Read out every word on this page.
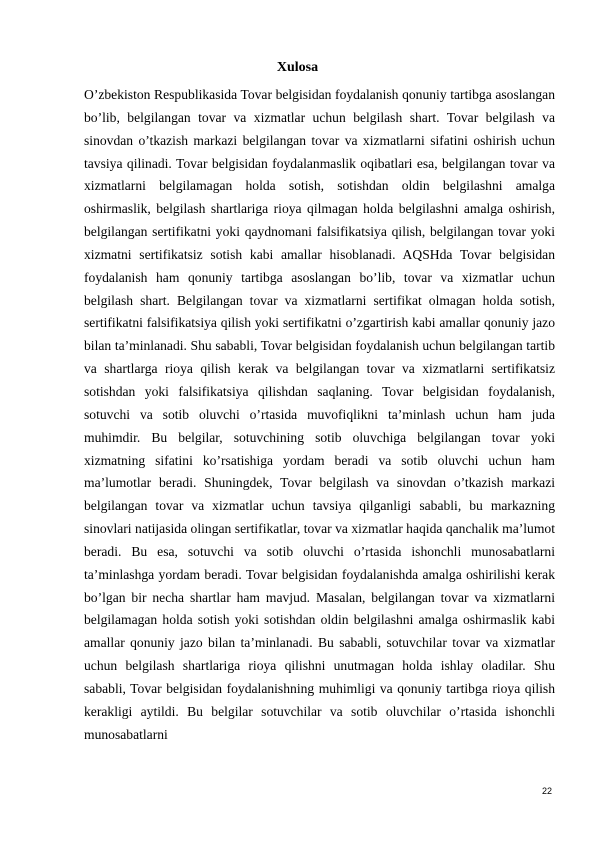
Xulosa

O’zbekiston Respublikasida Tovar belgisidan foydalanish qonuniy tartibga asoslangan bo’lib, belgilangan tovar va xizmatlar uchun belgilash shart. Tovar belgilash va sinovdan o’tkazish markazi belgilangan tovar va xizmatlarni sifatini oshirish uchun tavsiya qilinadi. Tovar belgisidan foydalanmaslik oqibatlari esa, belgilangan tovar va xizmatlarni belgilamagan holda sotish, sotishdan oldin belgilashni amalga oshirmaslik, belgilash shartlariga rioya qilmagan holda belgilashni amalga oshirish, belgilangan sertifikatni yoki qaydnomani falsifikatsiya qilish, belgilangan tovar yoki xizmatni sertifikatsiz sotish kabi amallar hisoblanadi. AQSHda Tovar belgisidan foydalanish ham qonuniy tartibga asoslangan bo’lib, tovar va xizmatlar uchun belgilash shart. Belgilangan tovar va xizmatlarni sertifikat olmagan holda sotish, sertifikatni falsifikatsiya qilish yoki sertifikatni o’zgartirish kabi amallar qonuniy jazo bilan ta’minlanadi. Shu sababli, Tovar belgisidan foydalanish uchun belgilangan tartib va shartlarga rioya qilish kerak va belgilangan tovar va xizmatlarni sertifikatsiz sotishdan yoki falsifikatsiya qilishdan saqlaning. Tovar belgisidan foydalanish, sotuvchi va sotib oluvchi o’rtasida muvofiqlikni ta’minlash uchun ham juda muhimdir. Bu belgilar, sotuvchining sotib oluvchiga belgilangan tovar yoki xizmatning sifatini ko’rsatishiga yordam beradi va sotib oluvchi uchun ham ma’lumotlar beradi. Shuningdek, Tovar belgilash va sinovdan o’tkazish markazi belgilangan tovar va xizmatlar uchun tavsiya qilganligi sababli, bu markazning sinovlari natijasida olingan sertifikatlar, tovar va xizmatlar haqida qanchalik ma’lumot beradi. Bu esa, sotuvchi va sotib oluvchi o’rtasida ishonchli munosabatlarni ta’minlashga yordam beradi. Tovar belgisidan foydalanishda amalga oshirilishi kerak bo’lgan bir necha shartlar ham mavjud. Masalan, belgilangan tovar va xizmatlarni belgilamagan holda sotish yoki sotishdan oldin belgilashni amalga oshirmaslik kabi amallar qonuniy jazo bilan ta’minlanadi. Bu sababli, sotuvchilar tovar va xizmatlar uchun belgilash shartlariga rioya qilishni unutmagan holda ishlay oladilar. Shu sababli, Tovar belgisidan foydalanishning muhimligi va qonuniy tartibga rioya qilish kerakligi aytildi. Bu belgilar sotuvchilar va sotib oluvchilar o’rtasida ishonchli munosabatlarni

22
